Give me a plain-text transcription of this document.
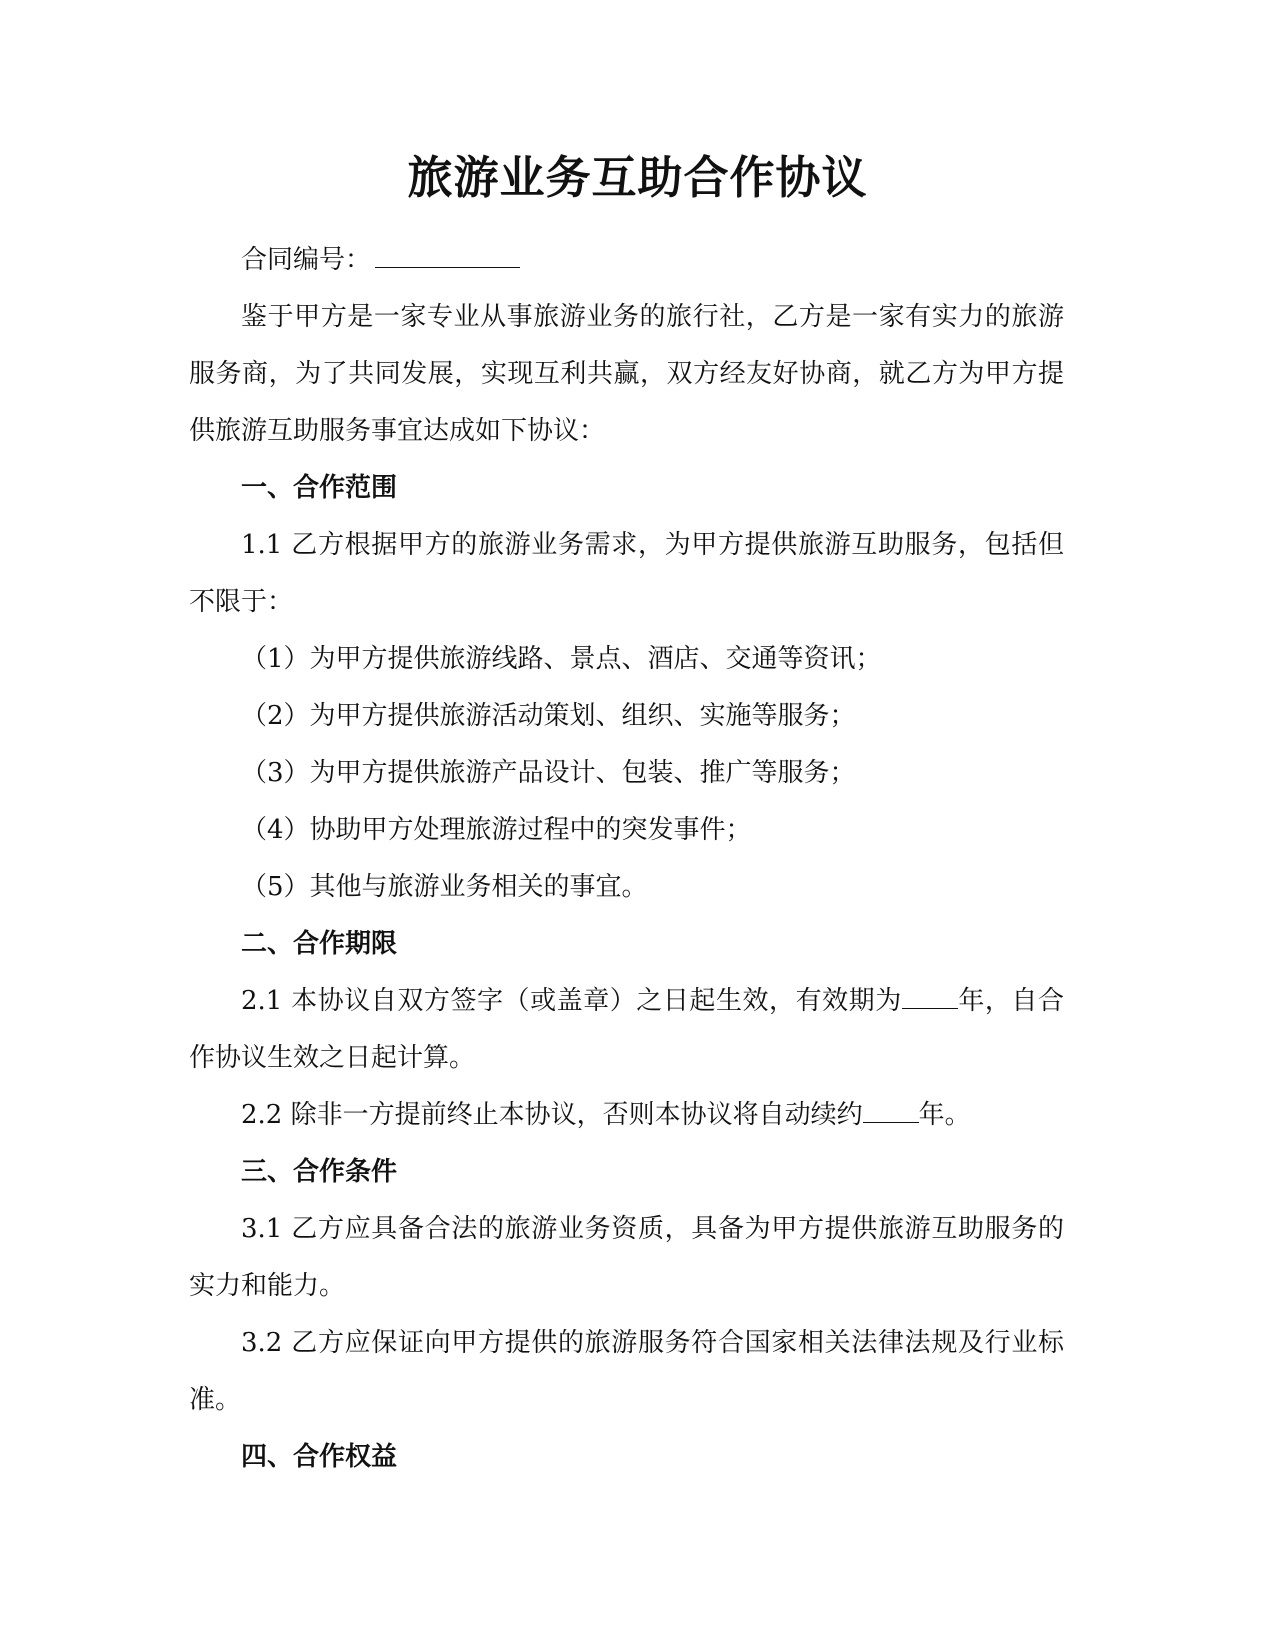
旅游业务互助合作协议

合同编号：

鉴于甲方是一家专业从事旅游业务的旅行社，乙方是一家有实力的旅游服务商，为了共同发展，实现互利共赢，双方经友好协商，就乙方为甲方提供旅游互助服务事宜达成如下协议：

一、合作范围

1.1 乙方根据甲方的旅游业务需求，为甲方提供旅游互助服务，包括但不限于：

（1）为甲方提供旅游线路、景点、酒店、交通等资讯；

（2）为甲方提供旅游活动策划、组织、实施等服务；

（3）为甲方提供旅游产品设计、包装、推广等服务；

（4）协助甲方处理旅游过程中的突发事件；

（5）其他与旅游业务相关的事宜。

二、合作期限

2.1 本协议自双方签字（或盖章）之日起生效，有效期为 年，自合作协议生效之日起计算。

2.2 除非一方提前终止本协议，否则本协议将自动续约 年。

三、合作条件

3.1 乙方应具备合法的旅游业务资质，具备为甲方提供旅游互助服务的实力和能力。

3.2 乙方应保证向甲方提供的旅游服务符合国家相关法律法规及行业标准。

四、合作权益
